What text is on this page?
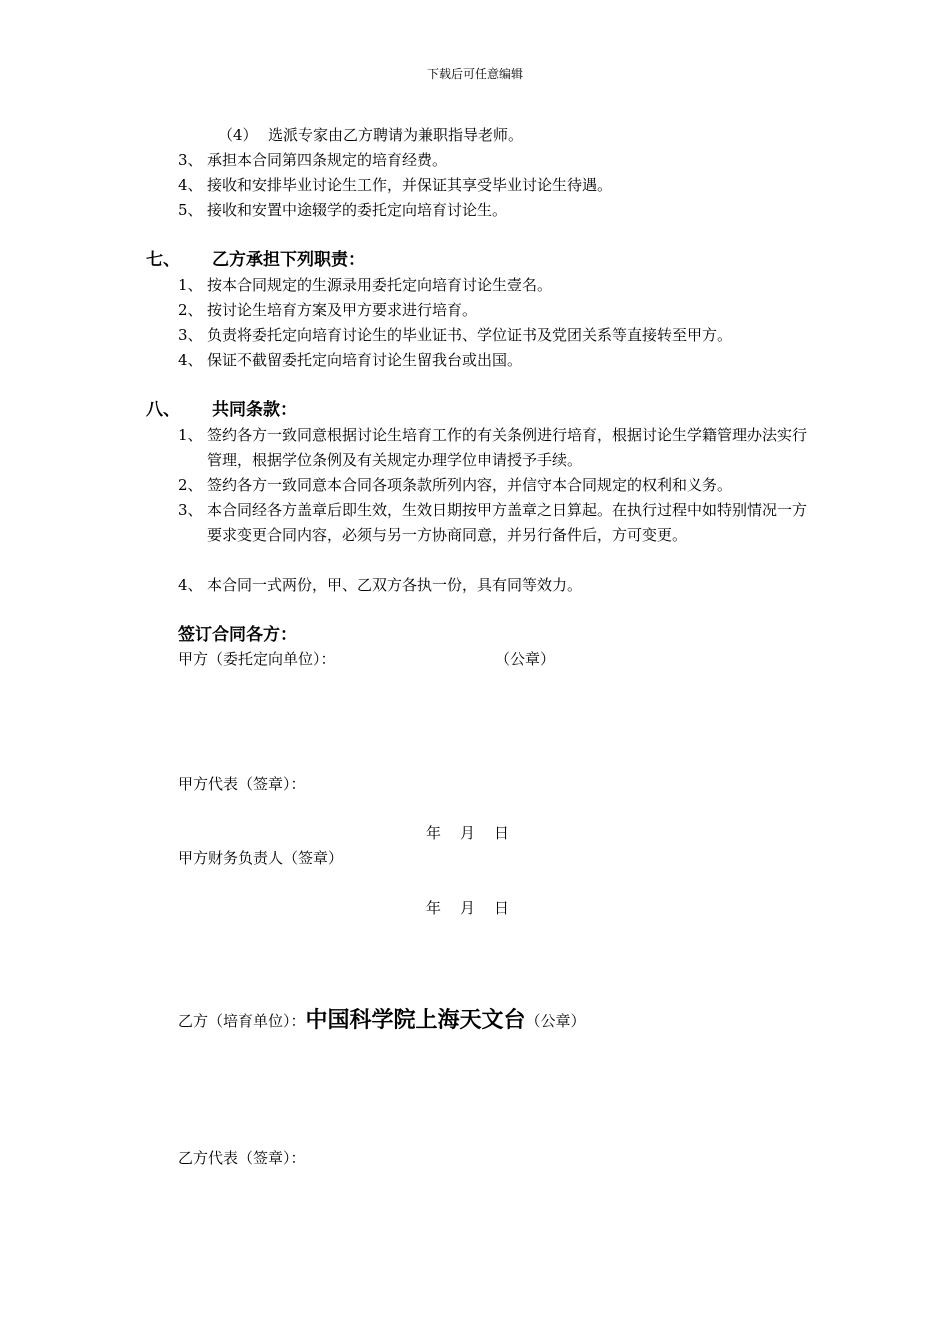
下载后可任意编辑
（4） 选派专家由乙方聘请为兼职指导老师。
3、 承担本合同第四条规定的培育经费。
4、 接收和安排毕业讨论生工作，并保证其享受毕业讨论生待遇。
5、 接收和安置中途辍学的委托定向培育讨论生。
七、 乙方承担下列职责：
1、 按本合同规定的生源录用委托定向培育讨论生壹名。
2、 按讨论生培育方案及甲方要求进行培育。
3、 负责将委托定向培育讨论生的毕业证书、学位证书及党团关系等直接转至甲方。
4、 保证不截留委托定向培育讨论生留我台或出国。
八、 共同条款：
1、 签约各方一致同意根据讨论生培育工作的有关条例进行培育，根据讨论生学籍管理办法实行管理，根据学位条例及有关规定办理学位申请授予手续。
2、 签约各方一致同意本合同各项条款所列内容，并信守本合同规定的权利和义务。
3、 本合同经各方盖章后即生效，生效日期按甲方盖章之日算起。在执行过程中如特别情况一方要求变更合同内容，必须与另一方协商同意，并另行备件后，方可变更。
4、 本合同一式两份，甲、乙双方各执一份，具有同等效力。
签订合同各方：
甲方（委托定向单位）：	（公章）
甲方代表（签章）：
年 月 日
甲方财务负责人（签章）
年 月 日
乙方（培育单位）： 中国科学院上海天文台 （公章）
乙方代表（签章）：
